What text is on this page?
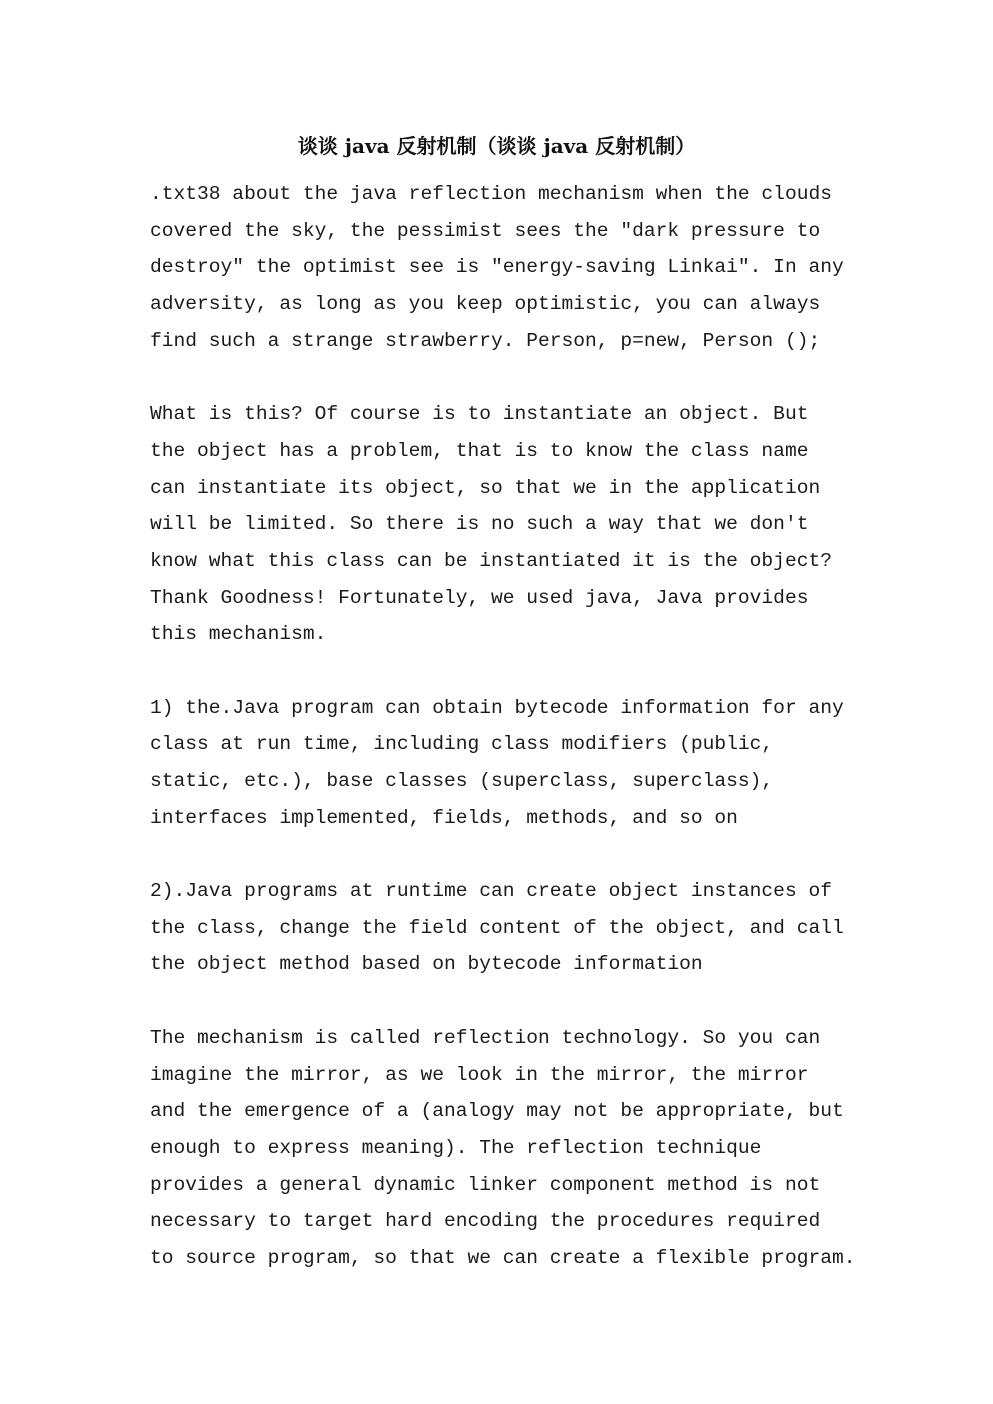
谈谈 java 反射机制（谈谈 java 反射机制）
.txt38 about the java reflection mechanism when the clouds
covered the sky, the pessimist sees the "dark pressure to
destroy" the optimist see is "energy-saving Linkai". In any
adversity, as long as you keep optimistic, you can always
find such a strange strawberry. Person, p=new, Person ();
What is this? Of course is to instantiate an object. But
the object has a problem, that is to know the class name
can instantiate its object, so that we in the application
will be limited. So there is no such a way that we don't
know what this class can be instantiated it is the object?
Thank Goodness! Fortunately, we used java, Java provides
this mechanism.
1) the.Java program can obtain bytecode information for any
class at run time, including class modifiers (public,
static, etc.), base classes (superclass, superclass),
interfaces implemented, fields, methods, and so on
2).Java programs at runtime can create object instances of
the class, change the field content of the object, and call
the object method based on bytecode information
The mechanism is called reflection technology. So you can
imagine the mirror, as we look in the mirror, the mirror
and the emergence of a (analogy may not be appropriate, but
enough to express meaning). The reflection technique
provides a general dynamic linker component method is not
necessary to target hard encoding the procedures required
to source program, so that we can create a flexible program.
